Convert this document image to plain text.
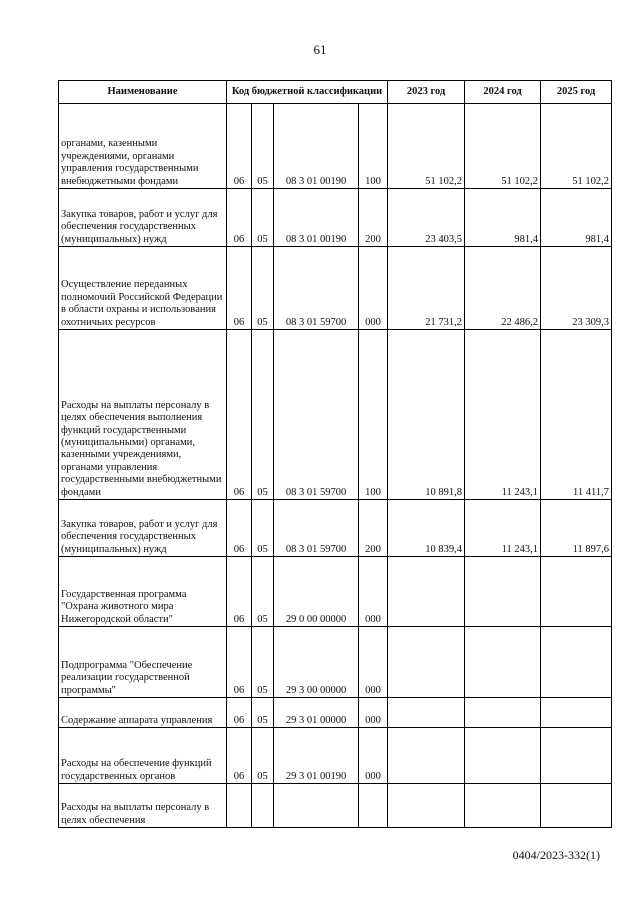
61
Наименование	Код бюджетной классификации				2023 год	2024 год	2025 год
органами, казенными учреждениями, органами управления государственными внебюджетными фондами	06	05	08 3 01 00190	100	51 102,2	51 102,2	51 102,2
Закупка товаров, работ и услуг для обеспечения государственных (муниципальных) нужд	06	05	08 3 01 00190	200	23 403,5	981,4	981,4
Осуществление переданных полномочий Российской Федерации в области охраны и использования охотничьих ресурсов	06	05	08 3 01 59700	000	21 731,2	22 486,2	23 309,3
Расходы на выплаты персоналу в целях обеспечения выполнения функций государственными (муниципальными) органами, казенными учреждениями, органами управления государственными внебюджетными фондами	06	05	08 3 01 59700	100	10 891,8	11 243,1	11 411,7
Закупка товаров, работ и услуг для обеспечения государственных (муниципальных) нужд	06	05	08 3 01 59700	200	10 839,4	11 243,1	11 897,6
Государственная программа "Охрана животного мира Нижегородской области"	06	05	29 0 00 00000	000			
Подпрограмма "Обеспечение реализации государственной программы"	06	05	29 3 00 00000	000			
Содержание аппарата управления	06	05	29 3 01 00000	000			
Расходы на обеспечение функций государственных органов	06	05	29 3 01 00190	000			
Расходы на выплаты персоналу в целях обеспечения							
0404/2023-332(1)
